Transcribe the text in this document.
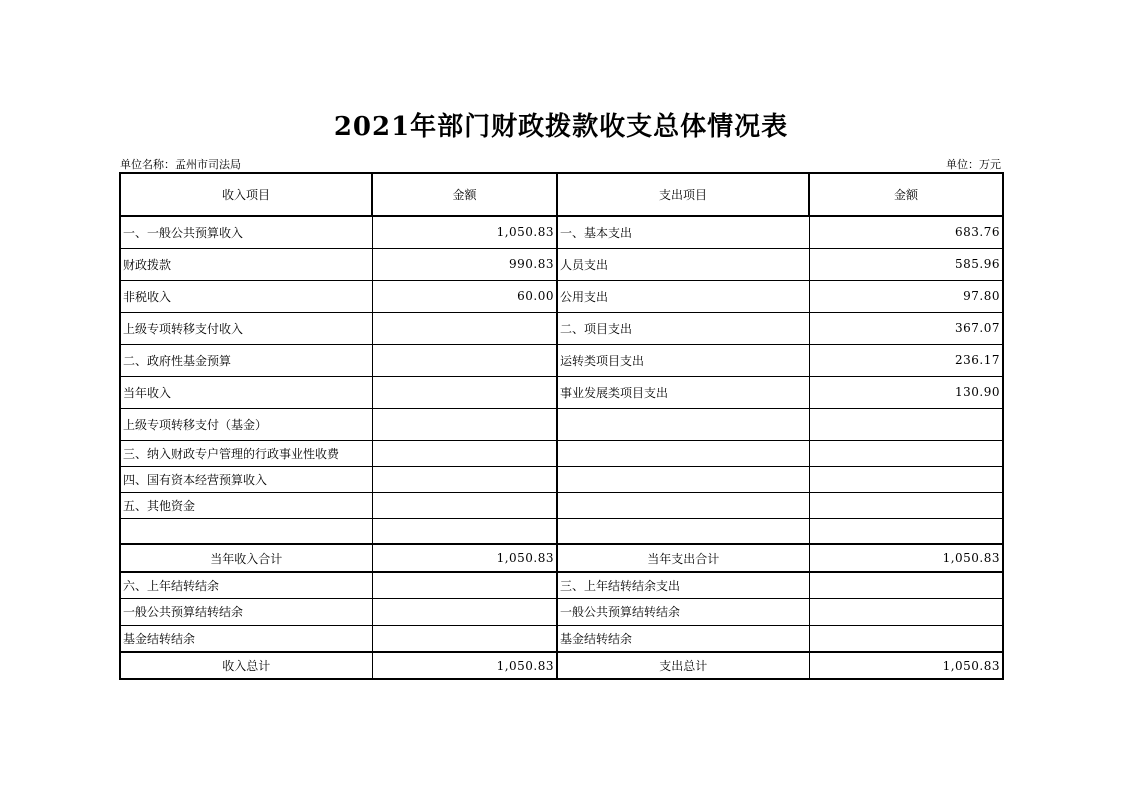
2021年部门财政拨款收支总体情况表
单位名称：孟州市司法局	单位：万元
收入项目	金额	支出项目	金额
一、一般公共预算收入	1,050.83	一、基本支出	683.76
财政拨款	990.83	人员支出	585.96
非税收入	60.00	公用支出	97.80
上级专项转移支付收入		二、项目支出	367.07
二、政府性基金预算		运转类项目支出	236.17
当年收入		事业发展类项目支出	130.90
上级专项转移支付（基金）			
三、纳入财政专户管理的行政事业性收费			
四、国有资本经营预算收入			
五、其他资金			

当年收入合计	1,050.83	当年支出合计	1,050.83
六、上年结转结余		三、上年结转结余支出	
一般公共预算结转结余		一般公共预算结转结余	
基金结转结余		基金结转结余	
收入总计	1,050.83	支出总计	1,050.83
